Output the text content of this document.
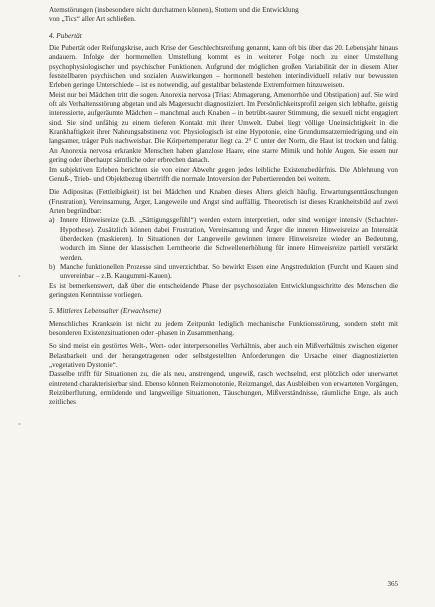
Atemstörungen (insbesondere nicht durchatmen können), Stottern und die Entwicklung

von „Tics“ aller Art schließen.

4. Pubertät

Die Pubertät oder Reifungskrise, auch Krise der Geschlechtsreifung genannt, kann oft bis über das 20. Lebensjahr hinaus andauern. Infolge der hormonellen Umstellung kommt es in weiterer Folge noch zu einer Umstellung psychophysiologischer und psychischer Funktionen. Aufgrund der möglichen großen Variabilität der in diesem Alter feststellbaren psychischen und sozialen Auswirkungen – hormonell bestehen interindividuell relativ nur bewussten Erleben geringe Unterschiede – ist es notwendig, auf gestaltbar belastende Extremformen hinzuweisen.

Meist nur bei Mädchen tritt die sogen. Anorexia nervosa (Trias: Abmagerung, Amenorrhöe und Obstipation) auf. Sie wird oft als Verhaltensstörung abgetan und als Magersucht diagnostiziert. Im Persönlichkeitsprofil zeigen sich lebhafte, geistig interessierte, aufgeräumte Mädchen – manchmal auch Knaben – in betrübt-saurer Stimmung, die sexuell nicht engagiert sind. Sie sind unfähig zu einem tieferen Kontakt mit ihrer Umwelt. Dabei liegt völlige Uneinsichtigkeit in die Krankhaftigkeit ihrer Nahrungsabstinenz vor. Physiologisch ist eine Hypotonie, eine Grundumsatzerniedrigung und ein langsamer, träger Puls nachweisbar. Die Körpertemperatur liegt ca. 2° C unter der Norm, die Haut ist trocken und faltig. An Anorexia nervosa erkrankte Menschen haben glanzlose Haare, eine starre Mimik und hohle Augen. Sie essen nur gering oder überhaupt sämtliche oder erbrechen danach.

Im subjektiven Erleben berichten sie von einer Abwehr gegen jedes leibliche Existenzbedürfnis. Die Ablehnung von Genuß-, Trieb- und Objektbezug übertrifft die normale Intoversion der Pubertierenden bei weitem.

Die Adipositas (Fettleibigkeit) ist bei Mädchen und Knaben dieses Alters gleich häufig. Erwartungsenttäuschungen (Frustration), Vereinsamung, Ärger, Langeweile und Angst sind auffällig. Theoretisch ist dieses Krankheitsbild auf zwei Arten begründbar:

a) Innere Hinweisreize (z.B. „Sättigungsgefühl“) werden extern interpretiert, oder sind weniger intensiv (Schachter-Hypothese). Zusätzlich können dabei Frustration, Vereinsamung und Ärger die inneren Hinweisreize an Intensität überdecken (maskieren). In Situationen der Langeweile gewinnen innere Hinweisreize wieder an Bedeutung, wodurch im Sinne der klassischen Lerntheorie die Schwellenerhöhung für innere Hinweisreize partiell verstärkt werden.
b) Manche funktionellen Prozesse sind unverzichtbar. So bewirkt Essen eine Angstreduktion (Furcht und Kauen sind unvereinbar – z.B. Kaugummi-Kauen).

Es ist bemerkenswert, daß über die entscheidende Phase der psychosozialen Entwicklungsschritte des Menschen die geringsten Kenntnisse vorliegen.

5. Mittleres Lebensalter (Erwachsene)

Menschliches Kranksein ist nicht zu jedem Zeitpunkt lediglich mechanische Funktionsstörung, sondern steht mit besonderen Existenzsituationen oder -phasen in Zusammenhang.

So sind meist ein gestörtes Welt-, Wert- oder interpersonelles Verhältnis, aber auch ein Mißverhältnis zwischen eigener Belastbarkeit und der herangetragenen oder selbstgestellten Anforderungen die Ursache einer diagnostizierten „vegetativen Dystonie“.

Dasselbe trifft für Situationen zu, die als neu, anstrengend, ungewiß, rasch wechselnd, erst plötzlich oder unerwartet eintretend charakterisierbar sind. Ebenso können Reizmonotonie, Reizmangel, das Ausbleiben von erwarteten Vorgängen, Reizüberflutung, ermüdende und langweilige Situationen, Täuschungen, Mißverständnisse, räumliche Enge, als auch zeitliches

•
•
365
